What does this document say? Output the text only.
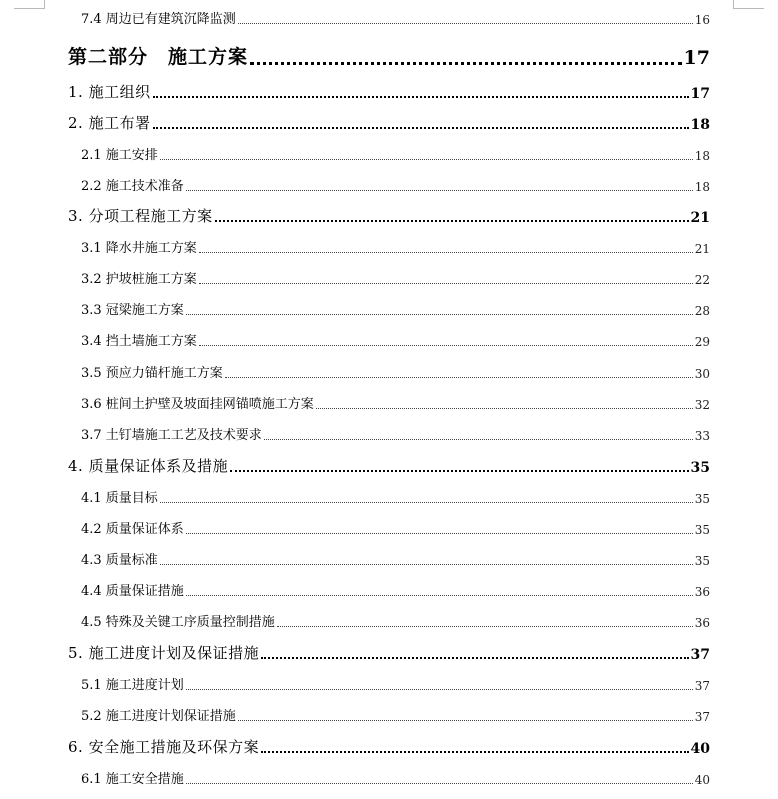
7.4 周边已有建筑沉降监测	16
第二部分　施工方案	17
1. 施工组织	17
2. 施工布署	18
2.1 施工安排	18
2.2 施工技术准备	18
3. 分项工程施工方案	21
3.1 降水井施工方案	21
3.2 护坡桩施工方案	22
3.3 冠梁施工方案	28
3.4 挡土墙施工方案	29
3.5 预应力锚杆施工方案	30
3.6 桩间土护壁及坡面挂网锚喷施工方案	32
3.7 土钉墙施工工艺及技术要求	33
4. 质量保证体系及措施	35
4.1 质量目标	35
4.2 质量保证体系	35
4.3 质量标准	35
4.4 质量保证措施	36
4.5 特殊及关键工序质量控制措施	36
5. 施工进度计划及保证措施	37
5.1 施工进度计划	37
5.2 施工进度计划保证措施	37
6. 安全施工措施及环保方案	40
6.1 施工安全措施	40
